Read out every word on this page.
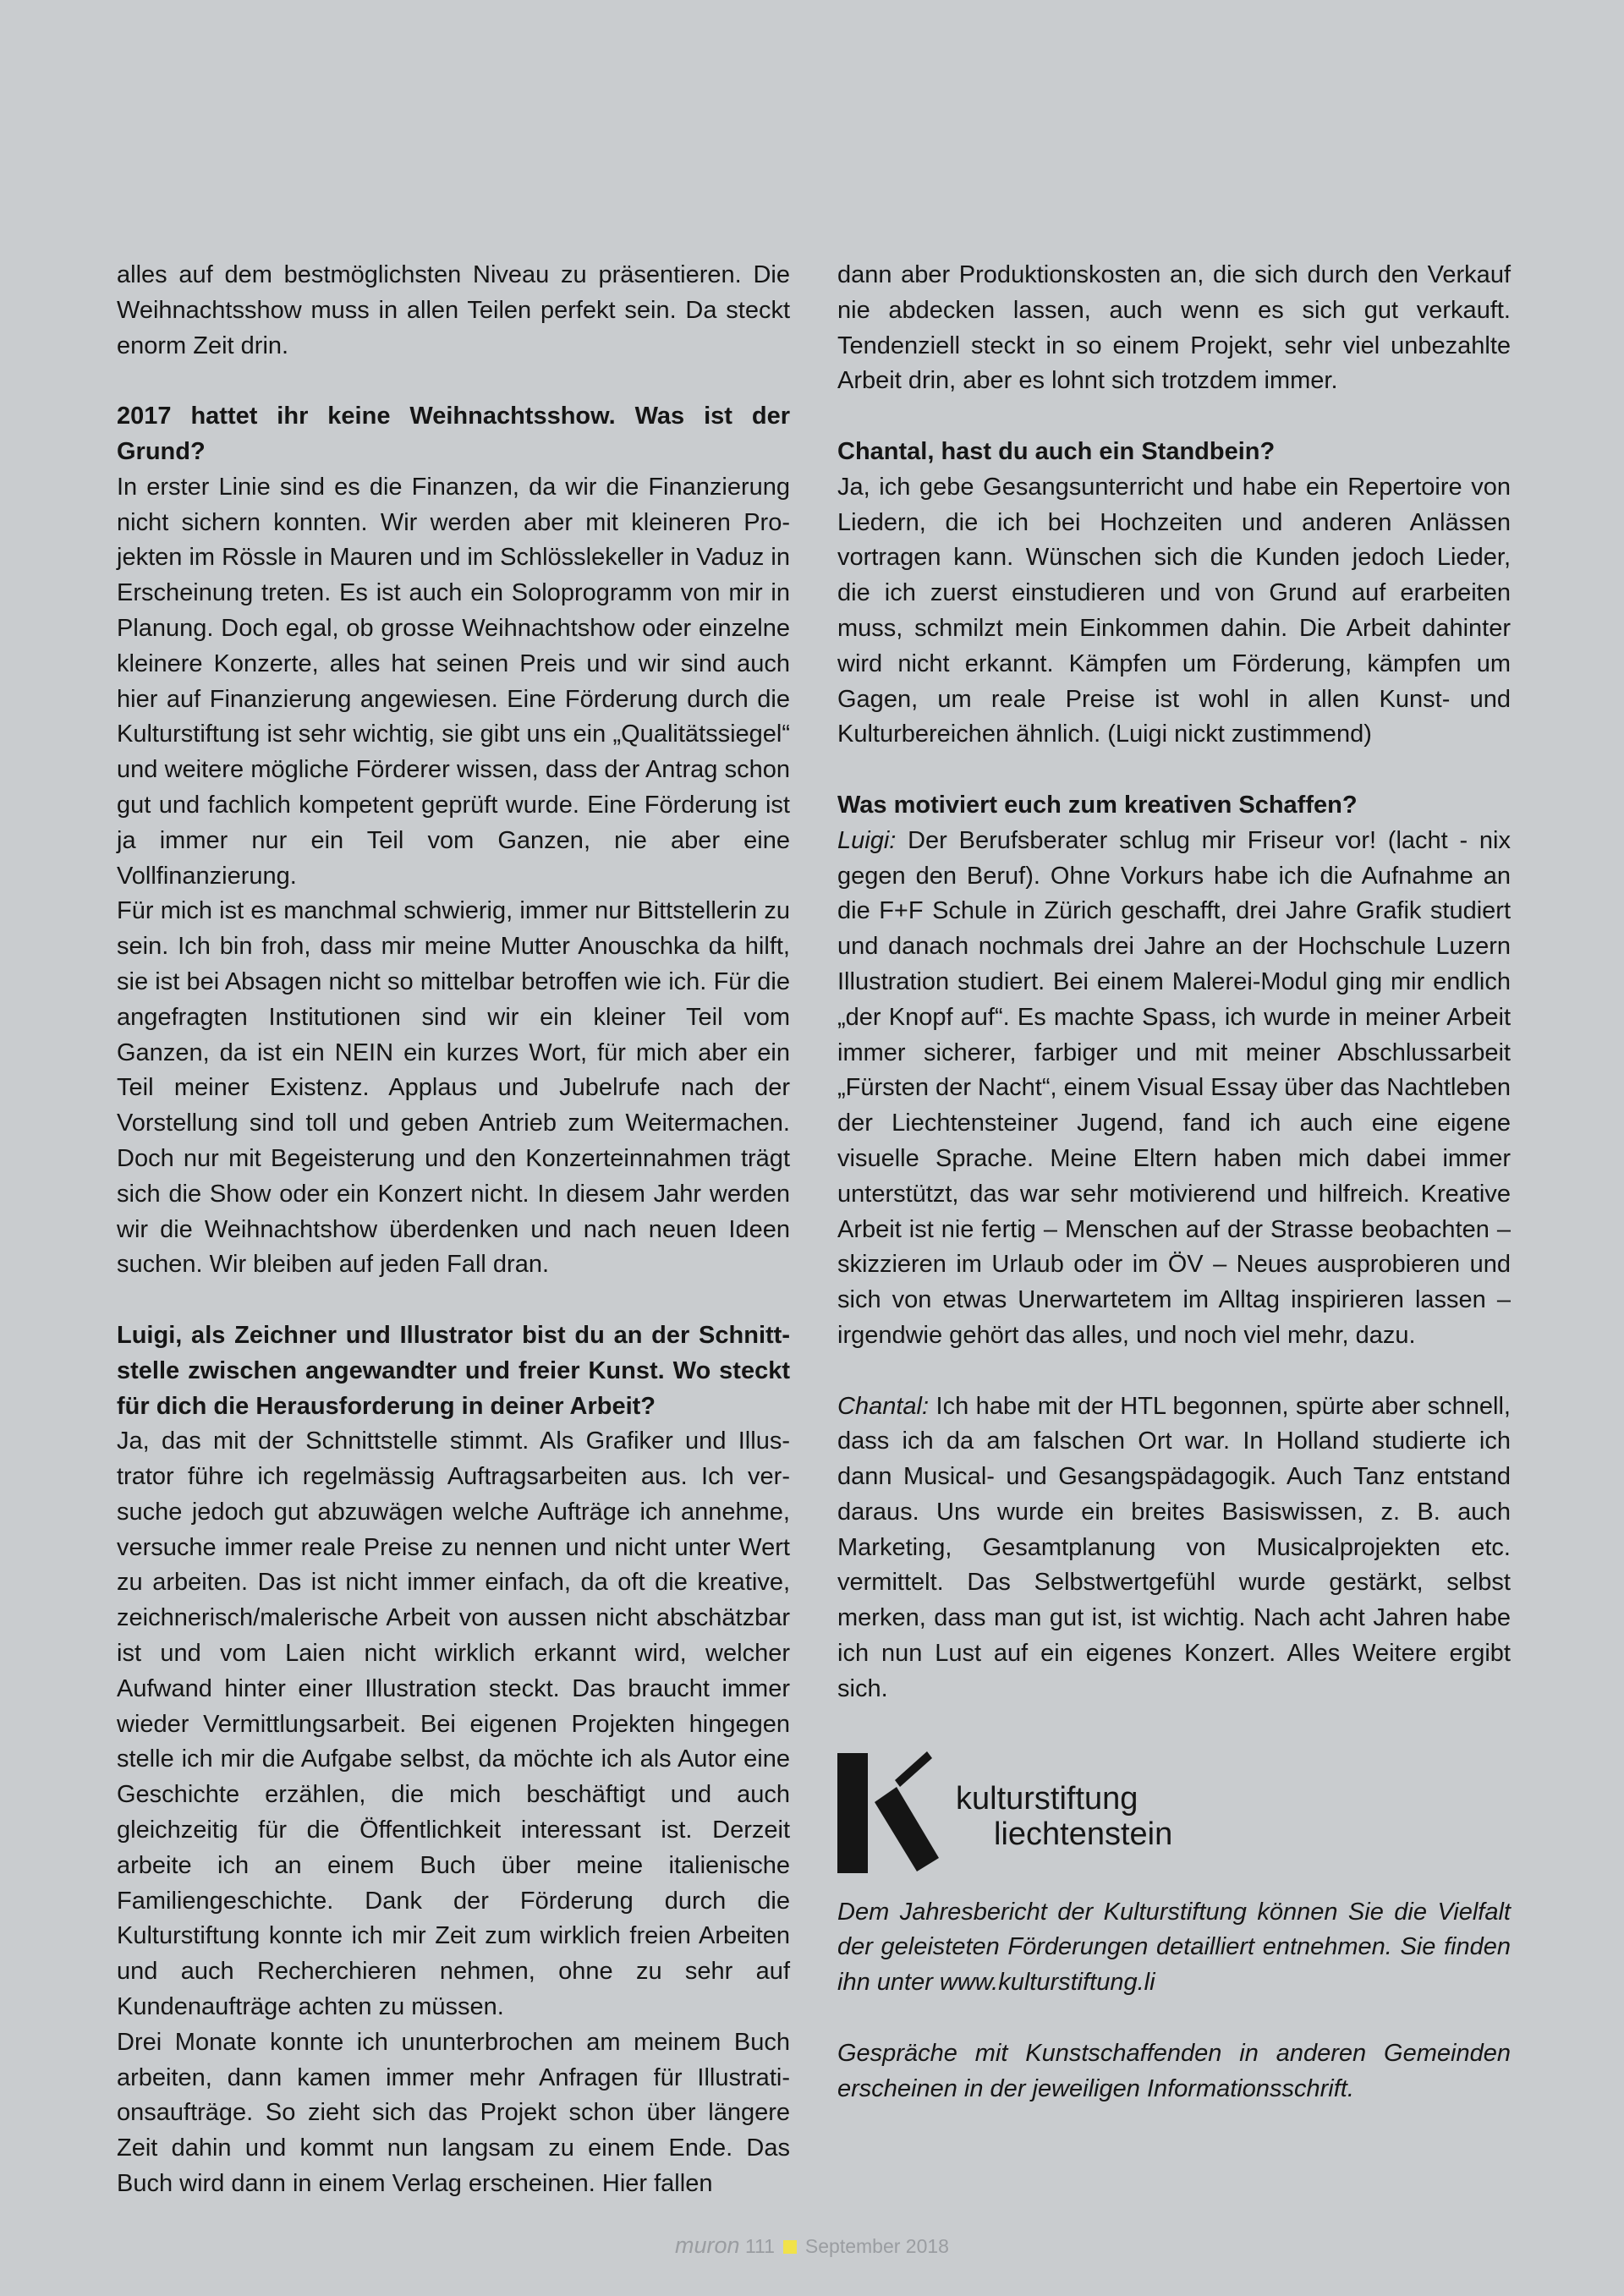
alles auf dem bestmöglichsten Niveau zu präsentieren. Die Weihnachtsshow muss in allen Teilen perfekt sein. Da steckt enorm Zeit drin.

2017 hattet ihr keine Weihnachtsshow. Was ist der Grund?

In erster Linie sind es die Finanzen, da wir die Finanzierung nicht sichern konnten. Wir werden aber mit kleineren Projekten im Rössle in Mauren und im Schlösslekeller in Vaduz in Erscheinung treten. Es ist auch ein Soloprogramm von mir in Planung. Doch egal, ob grosse Weihnachtshow oder einzelne kleinere Konzerte, alles hat seinen Preis und wir sind auch hier auf Finanzierung angewiesen. Eine Förderung durch die Kulturstiftung ist sehr wichtig, sie gibt uns ein „Qualitätssiegel“ und weitere mögliche Förderer wissen, dass der Antrag schon gut und fachlich kompetent geprüft wurde. Eine Förderung ist ja immer nur ein Teil vom Ganzen, nie aber eine Vollfinanzierung.

Für mich ist es manchmal schwierig, immer nur Bittstellerin zu sein. Ich bin froh, dass mir meine Mutter Anouschka da hilft, sie ist bei Absagen nicht so mittelbar betroffen wie ich. Für die angefragten Institutionen sind wir ein kleiner Teil vom Ganzen, da ist ein NEIN ein kurzes Wort, für mich aber ein Teil meiner Existenz. Applaus und Jubelrufe nach der Vorstellung sind toll und geben Antrieb zum Weitermachen. Doch nur mit Begeisterung und den Konzerteinnahmen trägt sich die Show oder ein Konzert nicht. In diesem Jahr werden wir die Weihnachtshow überdenken und nach neuen Ideen suchen. Wir bleiben auf jeden Fall dran.

Luigi, als Zeichner und Illustrator bist du an der Schnittstelle zwischen angewandter und freier Kunst. Wo steckt für dich die Herausforderung in deiner Arbeit?

Ja, das mit der Schnittstelle stimmt. Als Grafiker und Illustrator führe ich regelmässig Auftragsarbeiten aus. Ich versuche jedoch gut abzuwägen welche Aufträge ich annehme, versuche immer reale Preise zu nennen und nicht unter Wert zu arbeiten. Das ist nicht immer einfach, da oft die kreative, zeichnerisch/malerische Arbeit von aussen nicht abschätzbar ist und vom Laien nicht wirklich erkannt wird, welcher Aufwand hinter einer Illustration steckt. Das braucht immer wieder Vermittlungsarbeit. Bei eigenen Projekten hingegen stelle ich mir die Aufgabe selbst, da möchte ich als Autor eine Geschichte erzählen, die mich beschäftigt und auch gleichzeitig für die Öffentlichkeit interessant ist. Derzeit arbeite ich an einem Buch über meine italienische Familiengeschichte. Dank der Förderung durch die Kulturstiftung konnte ich mir Zeit zum wirklich freien Arbeiten und auch Recherchieren nehmen, ohne zu sehr auf Kundenaufträge achten zu müssen.

Drei Monate konnte ich ununterbrochen am meinem Buch arbeiten, dann kamen immer mehr Anfragen für Illustrationsaufträge. So zieht sich das Projekt schon über längere Zeit dahin und kommt nun langsam zu einem Ende. Das Buch wird dann in einem Verlag erscheinen. Hier fallen

dann aber Produktionskosten an, die sich durch den Verkauf nie abdecken lassen, auch wenn es sich gut verkauft. Tendenziell steckt in so einem Projekt, sehr viel unbezahlte Arbeit drin, aber es lohnt sich trotzdem immer.

Chantal, hast du auch ein Standbein?

Ja, ich gebe Gesangsunterricht und habe ein Repertoire von Liedern, die ich bei Hochzeiten und anderen Anlässen vortragen kann. Wünschen sich die Kunden jedoch Lieder, die ich zuerst einstudieren und von Grund auf erarbeiten muss, schmilzt mein Einkommen dahin. Die Arbeit dahinter wird nicht erkannt. Kämpfen um Förderung, kämpfen um Gagen, um reale Preise ist wohl in allen Kunst- und Kulturbereichen ähnlich. (Luigi nickt zustimmend)

Was motiviert euch zum kreativen Schaffen?

Luigi: Der Berufsberater schlug mir Friseur vor! (lacht - nix gegen den Beruf). Ohne Vorkurs habe ich die Aufnahme an die F+F Schule in Zürich geschafft, drei Jahre Grafik studiert und danach nochmals drei Jahre an der Hochschule Luzern Illustration studiert. Bei einem Malerei-Modul ging mir endlich „der Knopf auf“. Es machte Spass, ich wurde in meiner Arbeit immer sicherer, farbiger und mit meiner Abschlussarbeit „Fürsten der Nacht“, einem Visual Essay über das Nachtleben der Liechtensteiner Jugend, fand ich auch eine eigene visuelle Sprache. Meine Eltern haben mich dabei immer unterstützt, das war sehr motivierend und hilfreich. Kreative Arbeit ist nie fertig – Menschen auf der Strasse beobachten – skizzieren im Urlaub oder im ÖV – Neues ausprobieren und sich von etwas Unerwartetem im Alltag inspirieren lassen – irgendwie gehört das alles, und noch viel mehr, dazu.

Chantal: Ich habe mit der HTL begonnen, spürte aber schnell, dass ich da am falschen Ort war. In Holland studierte ich dann Musical- und Gesangspädagogik. Auch Tanz entstand daraus. Uns wurde ein breites Basiswissen, z. B. auch Marketing, Gesamtplanung von Musicalprojekten etc. vermittelt. Das Selbstwertgefühl wurde gestärkt, selbst merken, dass man gut ist, ist wichtig. Nach acht Jahren habe ich nun Lust auf ein eigenes Konzert. Alles Weitere ergibt sich.

kulturstiftung
liechtenstein

Dem Jahresbericht der Kulturstiftung können Sie die Vielfalt der geleisteten Förderungen detailliert entnehmen. Sie finden ihn unter www.kulturstiftung.li

Gespräche mit Kunstschaffenden in anderen Gemeinden erscheinen in der jeweiligen Informationsschrift.

muron 111 September 2018
